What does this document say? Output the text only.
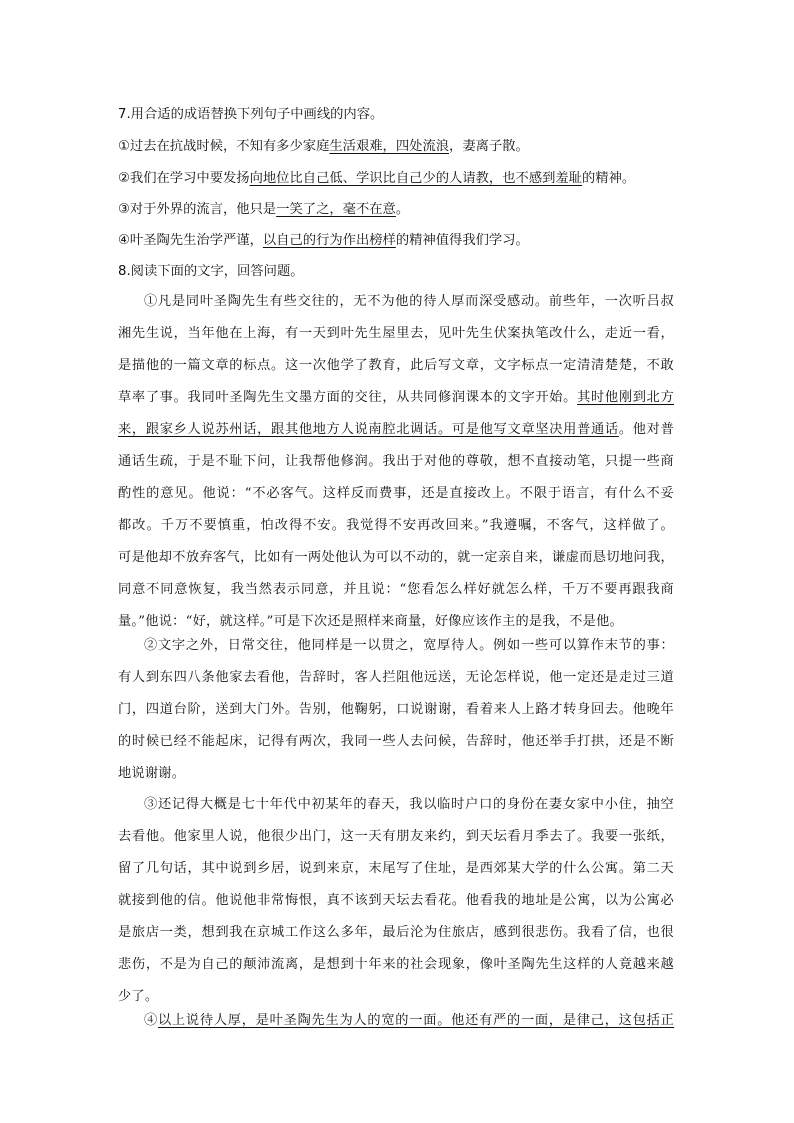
7.用合适的成语替换下列句子中画线的内容。
①过去在抗战时候，不知有多少家庭生活艰难，四处流浪，妻离子散。
②我们在学习中要发扬向地位比自己低、学识比自己少的人请教，也不感到羞耻的精神。
③对于外界的流言，他只是一笑了之，毫不在意。
④叶圣陶先生治学严谨，以自己的行为作出榜样的精神值得我们学习。
8.阅读下面的文字，回答问题。
①凡是同叶圣陶先生有些交往的，无不为他的待人厚而深受感动。前些年，一次听吕叔
湘先生说，当年他在上海，有一天到叶先生屋里去，见叶先生伏案执笔改什么，走近一看，
是描他的一篇文章的标点。这一次他学了教育，此后写文章，文字标点一定清清楚楚，不敢
草率了事。我同叶圣陶先生文墨方面的交往，从共同修润课本的文字开始。其时他刚到北方
来，跟家乡人说苏州话，跟其他地方人说南腔北调话。可是他写文章坚决用普通话。他对普
通话生疏，于是不耻下问，让我帮他修润。我出于对他的尊敬，想不直接动笔，只提一些商
酌性的意见。他说：“不必客气。这样反而费事，还是直接改上。不限于语言，有什么不妥
都改。千万不要慎重，怕改得不安。我觉得不安再改回来。”我遵嘱，不客气，这样做了。
可是他却不放弃客气，比如有一两处他认为可以不动的，就一定亲自来，谦虚而恳切地问我，
同意不同意恢复，我当然表示同意，并且说：“您看怎么样好就怎么样，千万不要再跟我商
量。”他说：“好，就这样。”可是下次还是照样来商量，好像应该作主的是我，不是他。
②文字之外，日常交往，他同样是一以贯之，宽厚待人。例如一些可以算作末节的事：
有人到东四八条他家去看他，告辞时，客人拦阻他远送，无论怎样说，他一定还是走过三道
门，四道台阶，送到大门外。告别，他鞠躬，口说谢谢，看着来人上路才转身回去。他晚年
的时候已经不能起床，记得有两次，我同一些人去问候，告辞时，他还举手打拱，还是不断
地说谢谢。
③还记得大概是七十年代中初某年的春天，我以临时户口的身份在妻女家中小住，抽空
去看他。他家里人说，他很少出门，这一天有朋友来约，到天坛看月季去了。我要一张纸，
留了几句话，其中说到乡居，说到来京，末尾写了住址，是西郊某大学的什么公寓。第二天
就接到他的信。他说他非常悔恨，真不该到天坛去看花。他看我的地址是公寓，以为公寓必
是旅店一类，想到我在京城工作这么多年，最后沦为住旅店，感到很悲伤。我看了信，也很
悲伤，不是为自己的颠沛流离，是想到十年来的社会现象，像叶圣陶先生这样的人竟越来越
少了。
④以上说待人厚，是叶圣陶先生为人的宽的一面。他还有严的一面，是律己，这包括正
